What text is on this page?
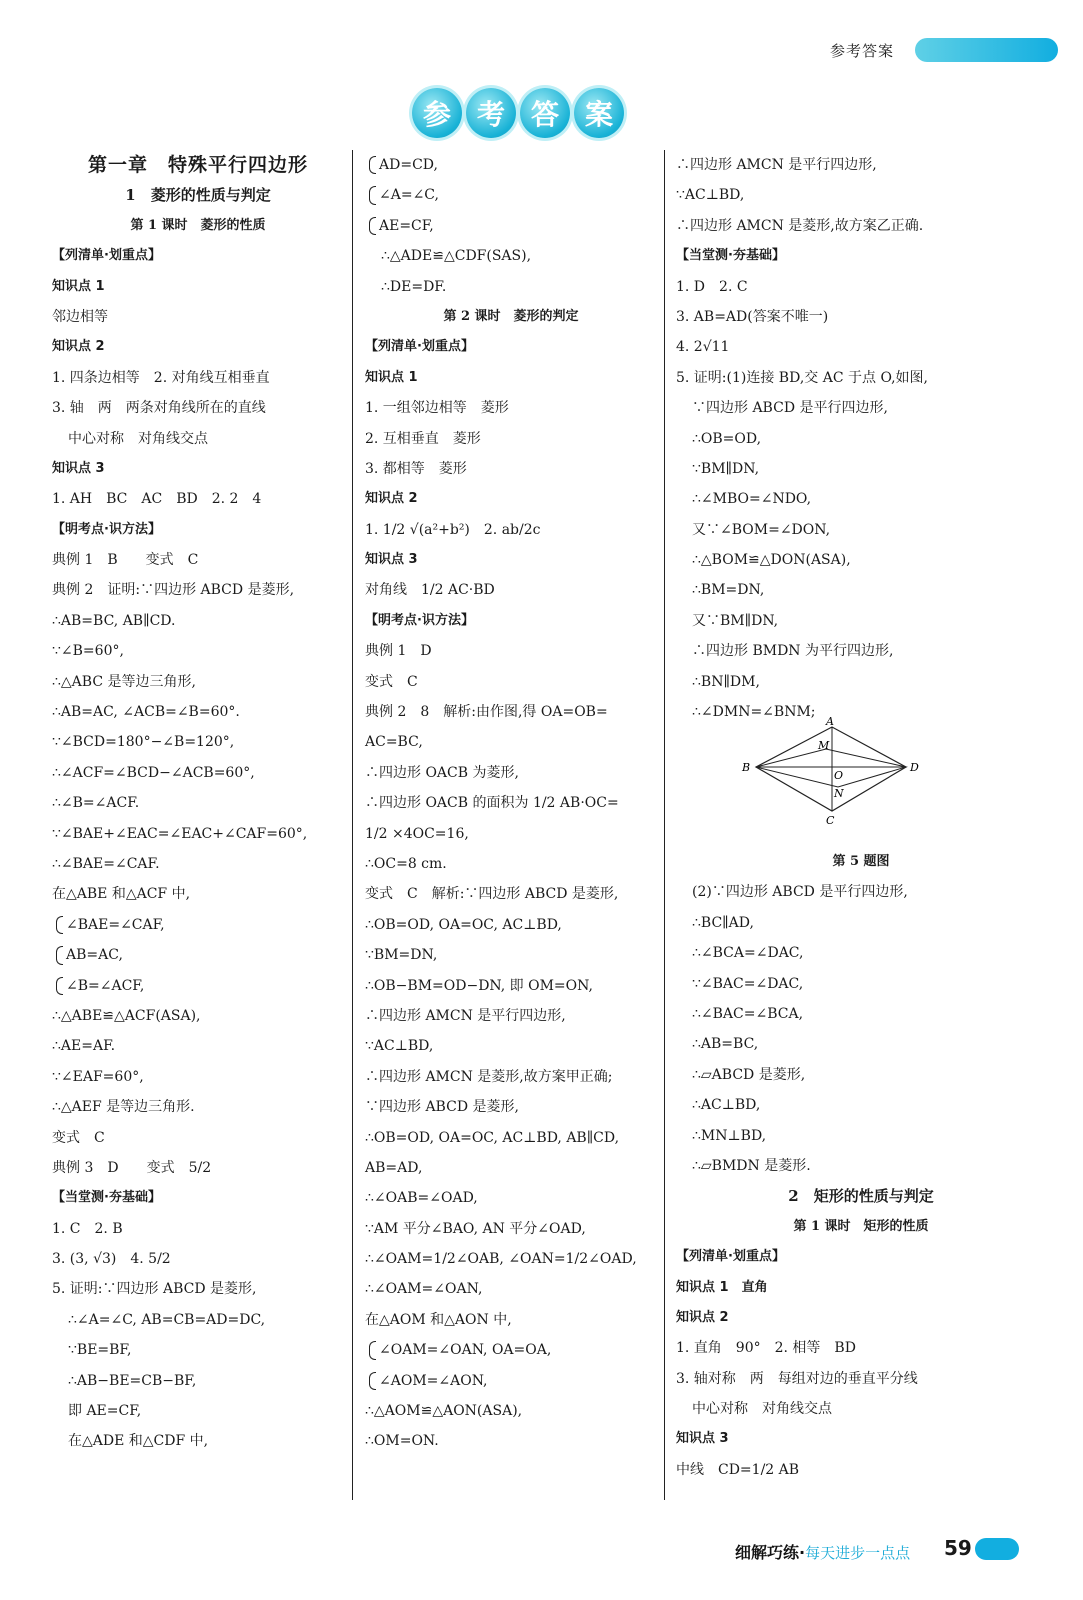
参考答案
参 考 答 案
第一章　特殊平行四边形
1　菱形的性质与判定
第 1 课时　菱形的性质
【列清单·划重点】
知识点 1
邻边相等
知识点 2
1. 四条边相等　2. 对角线互相垂直
3. 轴　两　两条对角线所在的直线
中心对称　对角线交点
知识点 3
1. AH　BC　AC　BD　2. 2　4
【明考点·识方法】
典例 1　B　　变式　C
典例 2　证明:∵四边形 ABCD 是菱形,
∴AB=BC, AB∥CD.
∵∠B=60°,
∴△ABC 是等边三角形,
∴AB=AC, ∠ACB=∠B=60°.
∵∠BCD=180°−∠B=120°,
∴∠ACF=∠BCD−∠ACB=60°,
∴∠B=∠ACF.
∵∠BAE+∠EAC=∠EAC+∠CAF=60°,
∴∠BAE=∠CAF.
在△ABE 和△ACF 中,
∠BAE=∠CAF,
AB=AC,
∠B=∠ACF,
∴△ABE≌△ACF(ASA),
∴AE=AF.
∵∠EAF=60°,
∴△AEF 是等边三角形.
变式　C
典例 3　D　　变式　5/2
【当堂测·夯基础】
1. C　2. B
3. (3, √3)　4. 5/2
5. 证明:∵四边形 ABCD 是菱形,
∴∠A=∠C, AB=CB=AD=DC,
∵BE=BF,
∴AB−BE=CB−BF,
即 AE=CF,
在△ADE 和△CDF 中,
AD=CD,
∠A=∠C,
AE=CF,
∴△ADE≌△CDF(SAS),
∴DE=DF.
第 2 课时　菱形的判定
【列清单·划重点】
知识点 1
1. 一组邻边相等　菱形
2. 互相垂直　菱形
3. 都相等　菱形
知识点 2
1. 1/2 √(a²+b²)　2. ab/2c
知识点 3
对角线　1/2 AC·BD
【明考点·识方法】
典例 1　D
变式　C
典例 2　8　解析:由作图,得 OA=OB=
AC=BC,
∴四边形 OACB 为菱形,
∴四边形 OACB 的面积为 1/2 AB·OC=
1/2 ×4OC=16,
∴OC=8 cm.
变式　C　解析:∵四边形 ABCD 是菱形,
∴OB=OD, OA=OC, AC⊥BD,
∵BM=DN,
∴OB−BM=OD−DN, 即 OM=ON,
∴四边形 AMCN 是平行四边形,
∵AC⊥BD,
∴四边形 AMCN 是菱形,故方案甲正确;
∵四边形 ABCD 是菱形,
∴OB=OD, OA=OC, AC⊥BD, AB∥CD,
AB=AD,
∴∠OAB=∠OAD,
∵AM 平分∠BAO, AN 平分∠OAD,
∴∠OAM=1/2∠OAB, ∠OAN=1/2∠OAD,
∴∠OAM=∠OAN,
在△AOM 和△AON 中,
∠OAM=∠OAN, OA=OA,
∠AOM=∠AON,
∴△AOM≌△AON(ASA),
∴OM=ON.
∴四边形 AMCN 是平行四边形,
∵AC⊥BD,
∴四边形 AMCN 是菱形,故方案乙正确.
【当堂测·夯基础】
1. D　2. C
3. AB=AD(答案不唯一)
4. 2√11
5. 证明:(1)连接 BD,交 AC 于点 O,如图,
∵四边形 ABCD 是平行四边形,
∴OB=OD,
∵BM∥DN,
∴∠MBO=∠NDO,
又∵∠BOM=∠DON,
∴△BOM≌△DON(ASA),
∴BM=DN,
又∵BM∥DN,
∴四边形 BMDN 为平行四边形,
∴BN∥DM,
∴∠DMN=∠BNM;
A
B
C
D
M
N
O
第 5 题图
(2)∵四边形 ABCD 是平行四边形,
∴BC∥AD,
∴∠BCA=∠DAC,
∵∠BAC=∠DAC,
∴∠BAC=∠BCA,
∴AB=BC,
∴▱ABCD 是菱形,
∴AC⊥BD,
∴MN⊥BD,
∴▱BMDN 是菱形.
2　矩形的性质与判定
第 1 课时　矩形的性质
【列清单·划重点】
知识点 1　直角
知识点 2
1. 直角　90°　2. 相等　BD
3. 轴对称　两　每组对边的垂直平分线
中心对称　对角线交点
知识点 3
中线　CD=1/2 AB
细解巧练·每天进步一点点 59
